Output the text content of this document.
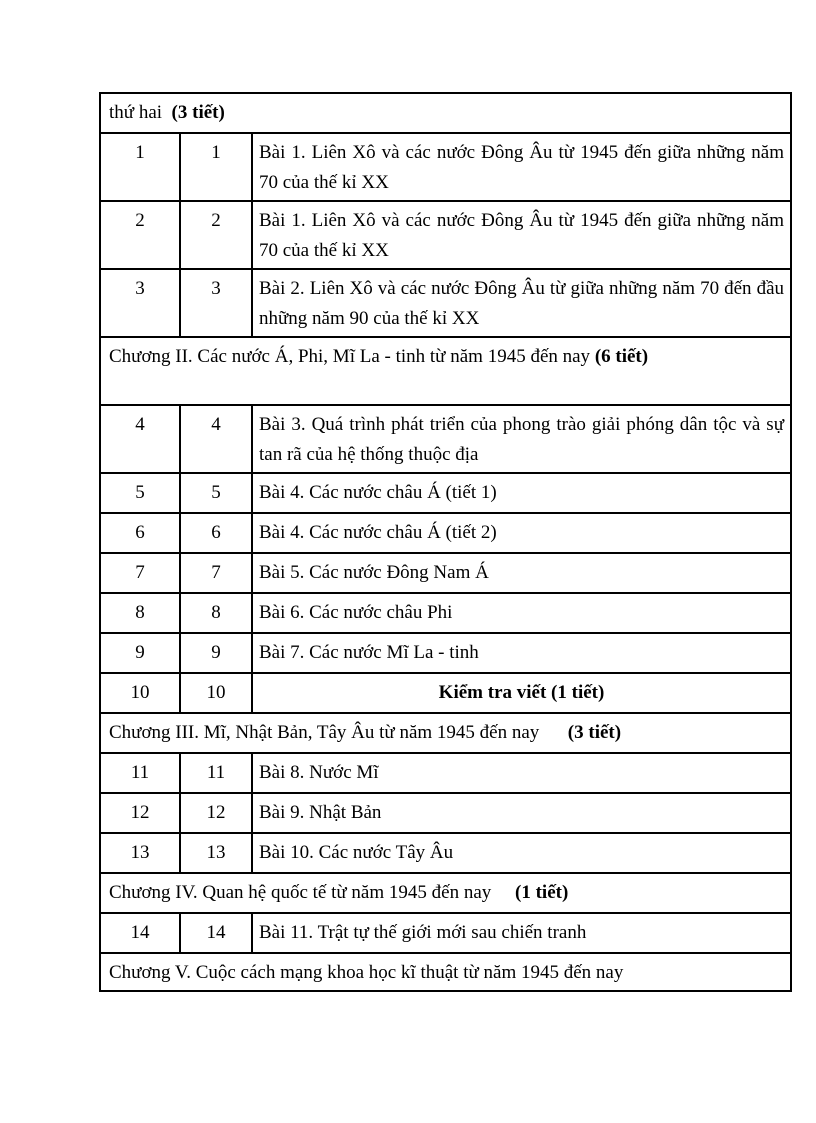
thứ hai (3 tiết)		
1	1	Bài 1. Liên Xô và các nước Đông Âu từ 1945 đến giữa những năm 70 của thế kỉ XX
2	2	Bài 1. Liên Xô và các nước Đông Âu từ 1945 đến giữa những năm 70 của thế kỉ XX
3	3	Bài 2. Liên Xô và các nước Đông Âu từ giữa những năm 70 đến đầu những năm 90 của thế kỉ XX
Chương II. Các nước Á, Phi, Mĩ La - tinh từ năm 1945 đến nay (6 tiết)		
4	4	Bài 3. Quá trình phát triển của phong trào giải phóng dân tộc và sự tan rã của hệ thống thuộc địa
5	5	Bài 4. Các nước châu Á (tiết 1)
6	6	Bài 4. Các nước châu Á (tiết 2)
7	7	Bài 5. Các nước Đông Nam Á
8	8	Bài 6. Các nước châu Phi
9	9	Bài 7. Các nước Mĩ La - tinh
10	10	Kiểm tra viết (1 tiết)
Chương III. Mĩ, Nhật Bản, Tây Âu từ năm 1945 đến nay (3 tiết)		
11	11	Bài 8. Nước Mĩ
12	12	Bài 9. Nhật Bản
13	13	Bài 10. Các nước Tây Âu
Chương IV. Quan hệ quốc tế từ năm 1945 đến nay (1 tiết)		
14	14	Bài 11. Trật tự thế giới mới sau chiến tranh
Chương V. Cuộc cách mạng khoa học kĩ thuật từ năm 1945 đến nay		
